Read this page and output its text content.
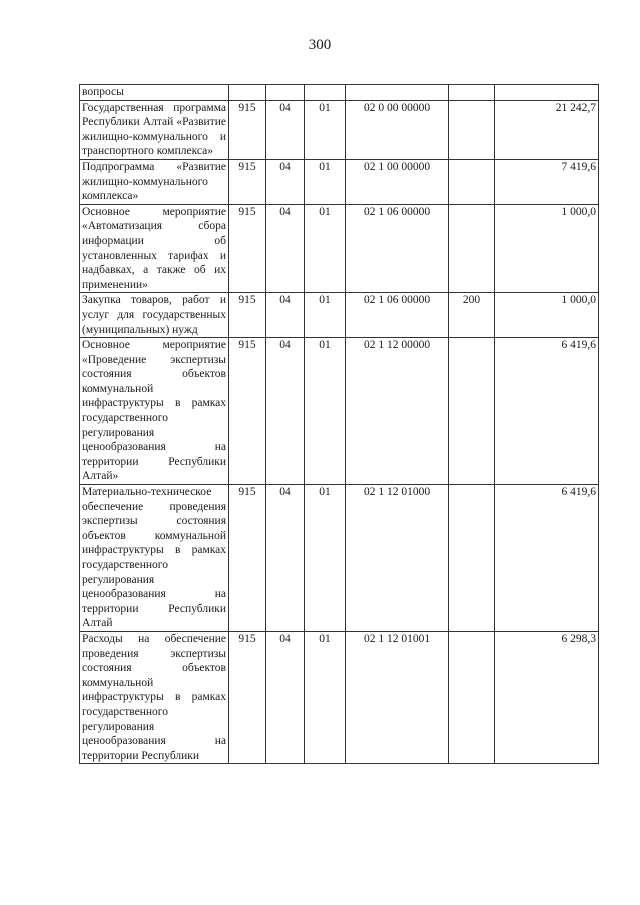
300
вопросы						
Государственная программа Республики Алтай «Развитие жилищно-коммунального и транспортного комплекса»	915	04	01	02 0 00 00000		21 242,7
Подпрограмма «Развитие жилищно-коммунального комплекса»	915	04	01	02 1 00 00000		7 419,6
Основное мероприятие «Автоматизация сбора информации об установленных тарифах и надбавках, а также об их применении»	915	04	01	02 1 06 00000		1 000,0
Закупка товаров, работ и услуг для государственных (муниципальных) нужд	915	04	01	02 1 06 00000	200	1 000,0
Основное мероприятие «Проведение экспертизы состояния объектов коммунальной инфраструктуры в рамках государственного регулирования ценообразования на территории Республики Алтай»	915	04	01	02 1 12 00000		6 419,6
Материально-техническое обеспечение проведения экспертизы состояния объектов коммунальной инфраструктуры в рамках государственного регулирования ценообразования на территории Республики Алтай	915	04	01	02 1 12 01000		6 419,6
Расходы на обеспечение проведения экспертизы состояния объектов коммунальной инфраструктуры в рамках государственного регулирования ценообразования на территории Республики	915	04	01	02 1 12 01001		6 298,3
